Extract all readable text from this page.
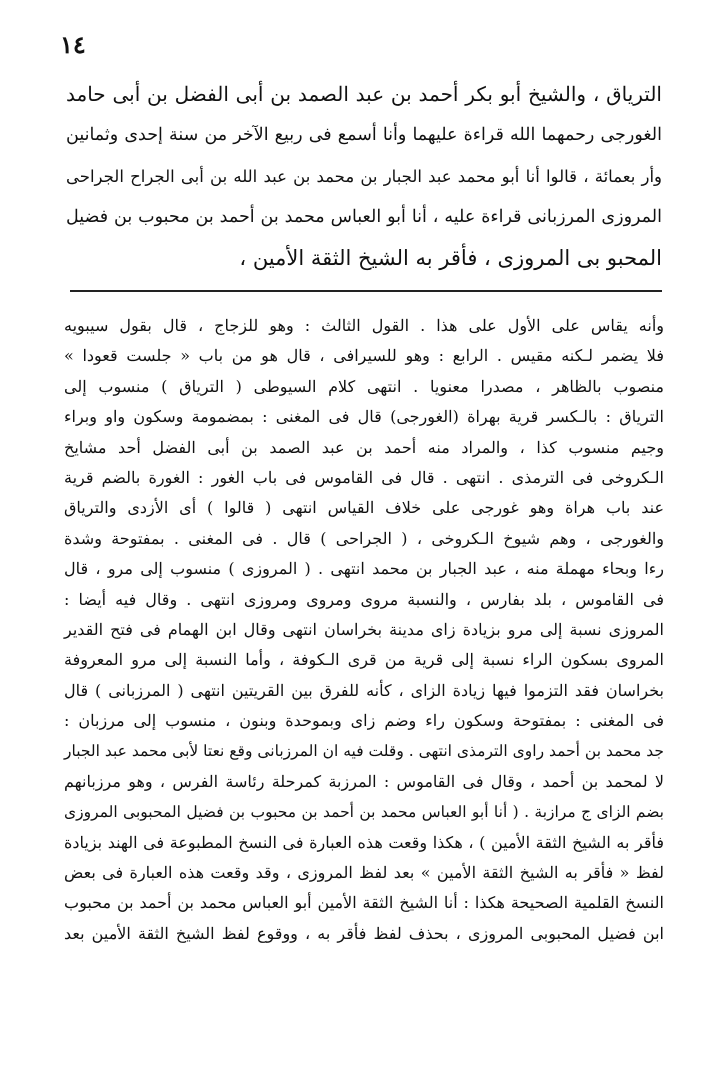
١٤
التریاق ، والشیخ أبو بکر أحمد بن عبد الصمد بن أبی الفضل بن أبی حامد
الغورجی رحمهما الله قراءة علیهما وأنا أسمع فی ربیع الآخر من سنة إحدی وثمانین
وأر بعمائة ، قالوا أنا أبو محمد عبد الجبار بن محمد بن عبد الله بن أبی الجراح الجراحی
المروزی المرزبانی قراءة علیه ، أنا أبو العباس محمد بن أحمد بن محبوب بن فضیل
المحبو بی المروزی ، فأقر به الشیخ الثقة الأمین ،
وأنه یقاس علی الأول علی هذا . القول الثالث : وهو للزجاج ، قال بقول سیبویه
فلا یضمر لـکنه مقیس . الرابع : وهو للسیرافی ، قال هو من باب « جلست قعودا »
منصوب بالظاهر ، مصدرا معنویا . انتهی کلام السیوطی ( التریاق ) منسوب إلی
التریاق : بالـکسر قریة بهراة (الغورجی) قال فی المغنی : بمضمومة وسکون واو وبراء
وجیم منسوب کذا ، والمراد منه أحمد بن عبد الصمد بن أبی الفضل أحد مشایخ
الـکروخی فی الترمذی . انتهی . قال فی القاموس فی باب الغور : الغورة بالضم قریة
عند باب هراة وهو غورجی علی خلاف القیاس انتهی ( قالوا ) أی الأزدی والتریاق
والغورجی ، وهم شیوخ الـکروخی ، ( الجراحی ) قال . فی المغنی . بمفتوحة وشدة
رءا وبحاء مهملة منه ، عبد الجبار بن محمد انتهی . ( المروزی ) منسوب إلی مرو ، قال
فی القاموس ، بلد بفارس ، والنسبة مروی ومروی ومروزی انتهی . وقال فیه أیضا :
المروزی نسبة إلی مرو بزیادة زای مدینة بخراسان انتهی وقال ابن الهمام فی فتح القدیر
المروی بسکون الراء نسبة إلی قریة من قری الـکوفة ، وأما النسبة إلی مرو المعروفة
بخراسان فقد التزموا فیها زیادة الزای ، کأنه للفرق بین القریتین انتهی ( المرزبانی ) قال
فی المغنی : بمفتوحة وسکون راء وضم زای وبموحدة وبنون ، منسوب إلی مرزبان :
جد محمد بن أحمد راوی الترمذی انتهی . وقلت فیه ان المرزبانی وقع نعتا لأبی محمد عبد الجبار
لا لمحمد بن أحمد ، وقال فی القاموس : المرزبة کمرحلة رئاسة الفرس ، وهو مرزبانهم
بضم الزای ج مرازبة . ( أنا أبو العباس محمد بن أحمد بن محبوب بن فضیل المحبوبی المروزی
فأقر به الشیخ الثقة الأمین ) ، هکذا وقعت هذه العبارة فی النسخ المطبوعة فی الهند بزیادة
لفظ « فأقر به الشیخ الثقة الأمین » بعد لفظ المروزی ، وقد وقعت هذه العبارة فی بعض
النسخ القلمیة الصحیحة هکذا : أنا الشیخ الثقة الأمین أبو العباس محمد بن أحمد بن محبوب
ابن فضیل المحبوبی المروزی ، بحذف لفظ فأقر به ، ووقوع لفظ الشیخ الثقة الأمین بعد
